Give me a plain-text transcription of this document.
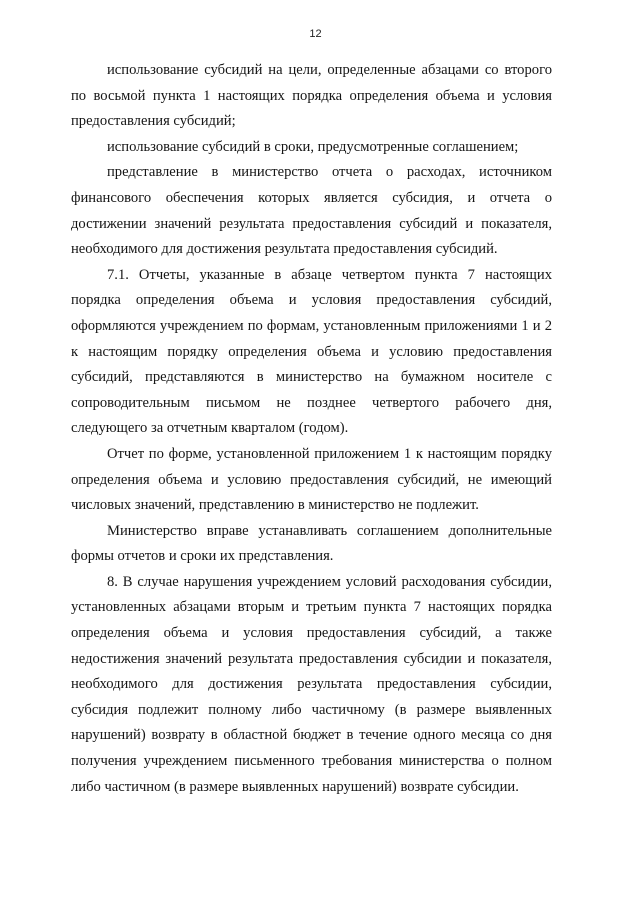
12

использование субсидий на цели, определенные абзацами со второго по восьмой пункта 1 настоящих порядка определения объема и условия предоставления субсидий;

использование субсидий в сроки, предусмотренные соглашением;

представление в министерство отчета о расходах, источником финансового обеспечения которых является субсидия, и отчета о достижении значений результата предоставления субсидий и показателя, необходимого для достижения результата предоставления субсидий.

7.1. Отчеты, указанные в абзаце четвертом пункта 7 настоящих порядка определения объема и условия предоставления субсидий, оформляются учреждением по формам, установленным приложениями 1 и 2 к настоящим порядку определения объема и условию предоставления субсидий, представляются в министерство на бумажном носителе с сопроводительным письмом не позднее четвертого рабочего дня, следующего за отчетным кварталом (годом).

Отчет по форме, установленной приложением 1 к настоящим порядку определения объема и условию предоставления субсидий, не имеющий числовых значений, представлению в министерство не подлежит.

Министерство вправе устанавливать соглашением дополнительные формы отчетов и сроки их представления.

8. В случае нарушения учреждением условий расходования субсидии, установленных абзацами вторым и третьим пункта 7 настоящих порядка определения объема и условия предоставления субсидий, а также недостижения значений результата предоставления субсидии и показателя, необходимого для достижения результата предоставления субсидии, субсидия подлежит полному либо частичному (в размере выявленных нарушений) возврату в областной бюджет в течение одного месяца со дня получения учреждением письменного требования министерства о полном либо частичном (в размере выявленных нарушений) возврате субсидии.
